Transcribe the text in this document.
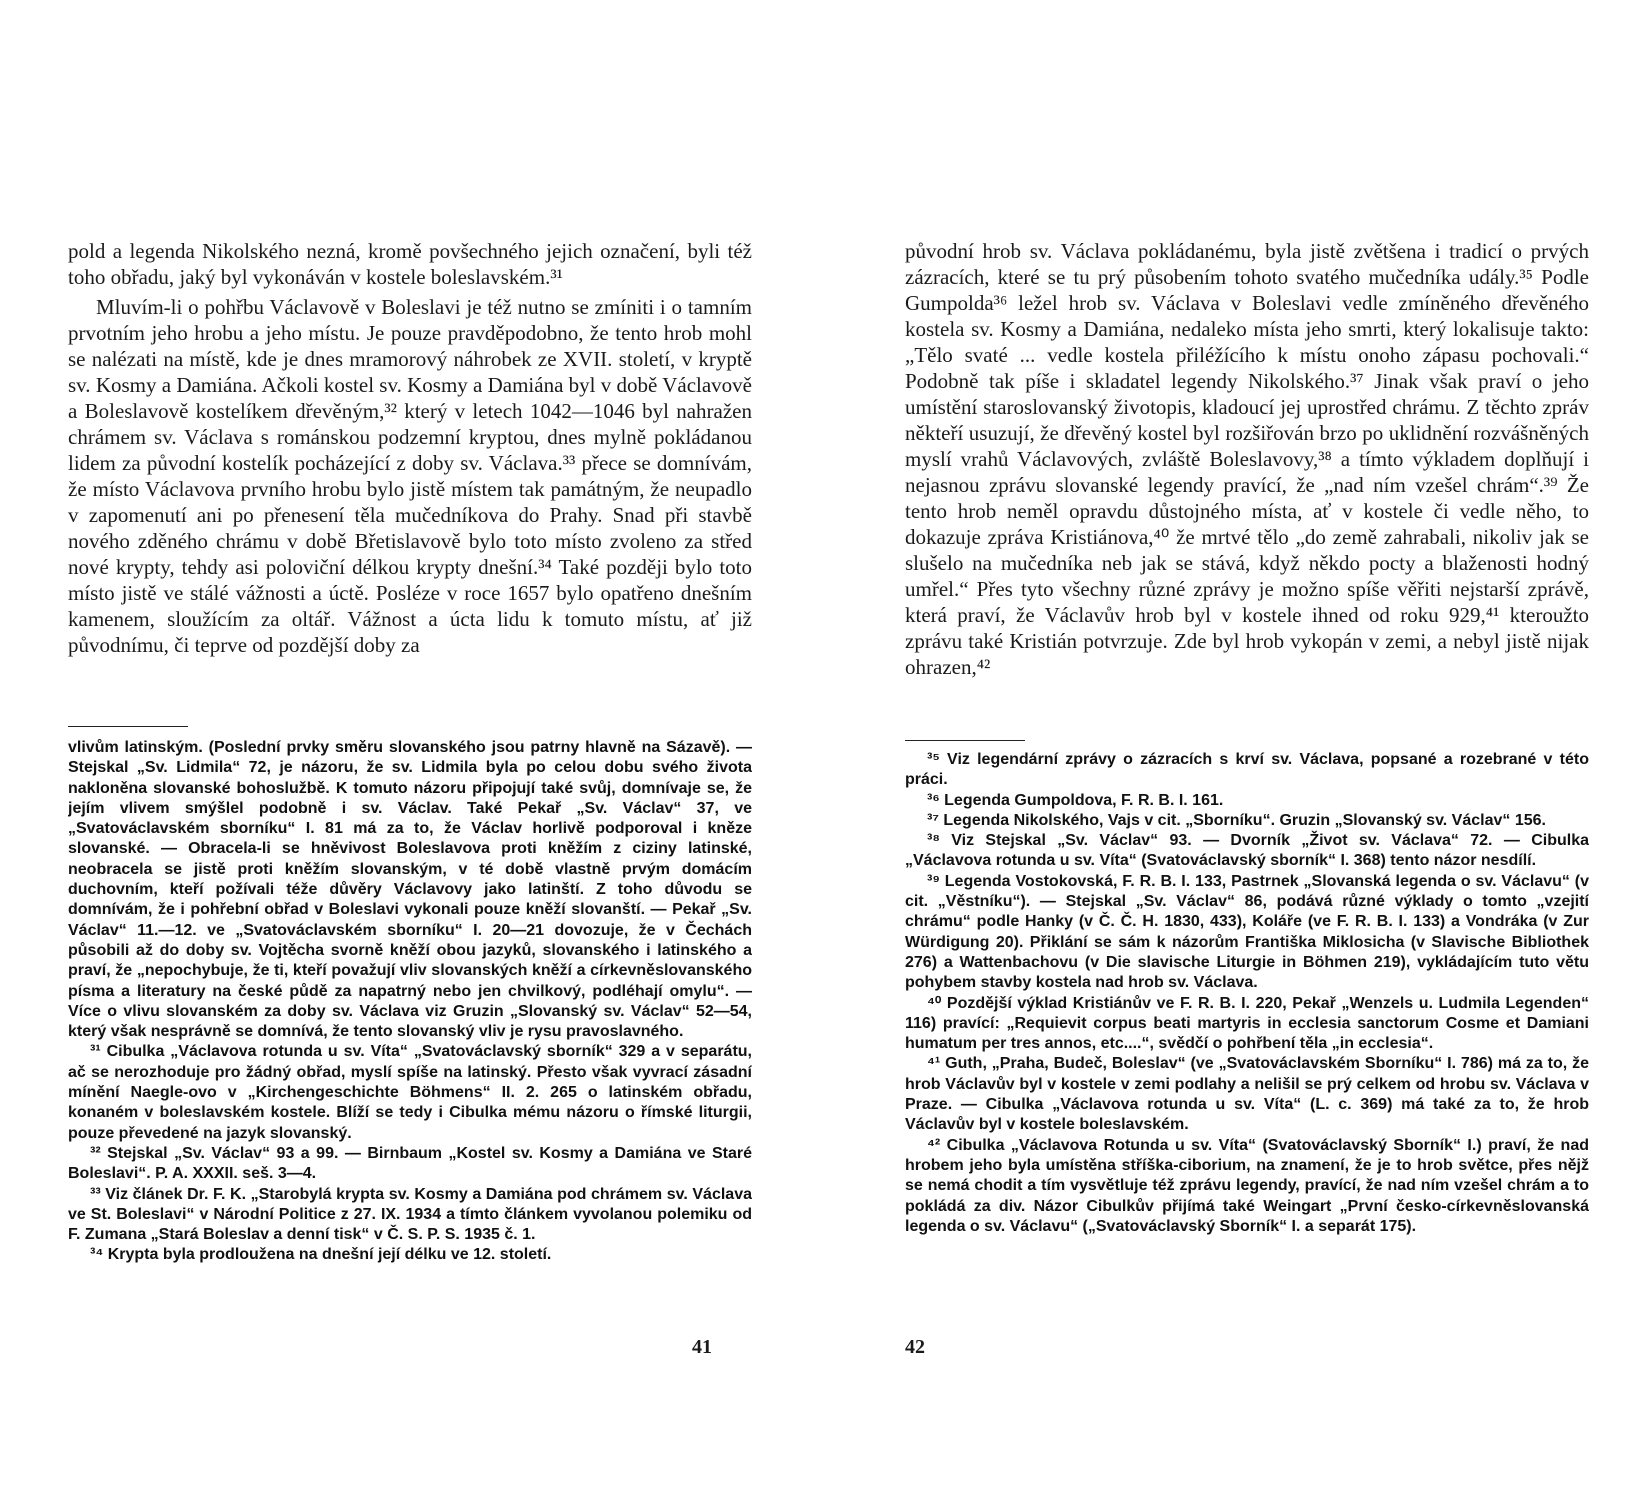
pold a legenda Nikolského nezná, kromě povšechného jejich označení, byli též toho obřadu, jaký byl vykonáván v kostele boleslavském.³¹

Mluvím-li o pohřbu Václavově v Boleslavi je též nutno se zmíniti i o tamním prvotním jeho hrobu a jeho místu. Je pouze pravděpodobno, že tento hrob mohl se nalézati na místě, kde je dnes mramorový náhrobek ze XVII. století, v kryptě sv. Kosmy a Damiána. Ačkoli kostel sv. Kosmy a Damiána byl v době Václavově a Boleslavově kostelíkem dřevěným,³² který v letech 1042—1046 byl nahražen chrámem sv. Václava s románskou podzemní kryptou, dnes mylně pokládanou lidem za původní kostelík pocházející z doby sv. Václava.³³ přece se domnívám, že místo Václavova prvního hrobu bylo jistě místem tak památným, že neupadlo v zapomenutí ani po přenesení těla mučedníkova do Prahy. Snad při stavbě nového zděného chrámu v době Břetislavově bylo toto místo zvoleno za střed nové krypty, tehdy asi poloviční délkou krypty dnešní.³⁴ Také později bylo toto místo jistě ve stálé vážnosti a úctě. Posléze v roce 1657 bylo opatřeno dnešním kamenem, sloužícím za oltář. Vážnost a úcta lidu k tomuto místu, ať již původnímu, či teprve od pozdější doby za

vlivům latinským. (Poslední prvky směru slovanského jsou patrny hlavně na Sázavě). — Stejskal „Sv. Lidmila“ 72, je názoru, že sv. Lidmila byla po celou dobu svého života nakloněna slovanské bohoslužbě. K tomuto názoru připojují také svůj, domnívaje se, že jejím vlivem smýšlel podobně i sv. Václav. Také Pekař „Sv. Václav“ 37, ve „Svatováclavském sborníku“ I. 81 má za to, že Václav horlivě podporoval i kněze slovanské. — Obracela-li se hněvivost Boleslavova proti kněžím z ciziny latinské, neobracela se jistě proti kněžím slovanským, v té době vlastně prvým domácím duchovním, kteří požívali téže důvěry Václavovy jako latinští. Z toho důvodu se domnívám, že i pohřební obřad v Boleslavi vykonali pouze kněží slovanští. — Pekař „Sv. Václav“ 11.—12. ve „Svatováclavském sborníku“ I. 20—21 dovozuje, že v Čechách působili až do doby sv. Vojtěcha svorně kněží obou jazyků, slovanského i latinského a praví, že „nepochybuje, že ti, kteří považují vliv slovanských kněží a církevněslovanského písma a literatury na české půdě za napatrný nebo jen chvilkový, podléhají omylu“. — Více o vlivu slovanském za doby sv. Václava viz Gruzin „Slovanský sv. Václav“ 52—54, který však nesprávně se domnívá, že tento slovanský vliv je rysu pravoslavného.

³¹ Cibulka „Václavova rotunda u sv. Víta“ „Svatováclavský sborník“ 329 a v separátu, ač se nerozhoduje pro žádný obřad, myslí spíše na latinský. Přesto však vyvrací zásadní mínění Naegle-ovo v „Kirchengeschichte Böhmens“ II. 2. 265 o latinském obřadu, konaném v boleslavském kostele. Blíží se tedy i Cibulka mému názoru o římské liturgii, pouze převedené na jazyk slovanský.

³² Stejskal „Sv. Václav“ 93 a 99. — Birnbaum „Kostel sv. Kosmy a Damiána ve Staré Boleslavi“. P. A. XXXII. seš. 3—4.

³³ Viz článek Dr. F. K. „Starobylá krypta sv. Kosmy a Damiána pod chrámem sv. Václava ve St. Boleslavi“ v Národní Politice z 27. IX. 1934 a tímto článkem vyvolanou polemiku od F. Zumana „Stará Boleslav a denní tisk“ v Č. S. P. S. 1935 č. 1.

³⁴ Krypta byla prodloužena na dnešní její délku ve 12. století.

41

původní hrob sv. Václava pokládanému, byla jistě zvětšena i tradicí o prvých zázracích, které se tu prý působením tohoto svatého mučedníka udály.³⁵ Podle Gumpolda³⁶ ležel hrob sv. Václava v Boleslavi vedle zmíněného dřevěného kostela sv. Kosmy a Damiána, nedaleko místa jeho smrti, který lokalisuje takto: „Tělo svaté ... vedle kostela přiléžícího k místu onoho zápasu pochovali.“ Podobně tak píše i skladatel legendy Nikolského.³⁷ Jinak však praví o jeho umístění staroslovanský životopis, kladoucí jej uprostřed chrámu. Z těchto zpráv někteří usuzují, že dřevěný kostel byl rozšiřován brzo po uklidnění rozvášněných myslí vrahů Václavových, zvláště Boleslavovy,³⁸ a tímto výkladem doplňují i nejasnou zprávu slovanské legendy pravící, že „nad ním vzešel chrám“.³⁹ Že tento hrob neměl opravdu důstojného místa, ať v kostele či vedle něho, to dokazuje zpráva Kristiánova,⁴⁰ že mrtvé tělo „do země zahrabali, nikoliv jak se slušelo na mučedníka neb jak se stává, když někdo pocty a blaženosti hodný umřel.“ Přes tyto všechny různé zprávy je možno spíše věřiti nejstarší zprávě, která praví, že Václavův hrob byl v kostele ihned od roku 929,⁴¹ kteroužto zprávu také Kristián potvrzuje. Zde byl hrob vykopán v zemi, a nebyl jistě nijak ohrazen,⁴²

³⁵ Viz legendární zprávy o zázracích s krví sv. Václava, popsané a rozebrané v této práci.

³⁶ Legenda Gumpoldova, F. R. B. I. 161.

³⁷ Legenda Nikolského, Vajs v cit. „Sborníku“. Gruzin „Slovanský sv. Václav“ 156.

³⁸ Viz Stejskal „Sv. Václav“ 93. — Dvorník „Život sv. Václava“ 72. — Cibulka „Václavova rotunda u sv. Víta“ (Svatováclavský sborník“ I. 368) tento názor nesdílí.

³⁹ Legenda Vostokovská, F. R. B. I. 133, Pastrnek „Slovanská legenda o sv. Václavu“ (v cit. „Věstníku“). — Stejskal „Sv. Václav“ 86, podává různé výklady o tomto „vzejití chrámu“ podle Hanky (v Č. Č. H. 1830, 433), Koláře (ve F. R. B. I. 133) a Vondráka (v Zur Würdigung 20). Přiklání se sám k názorům Františka Miklosicha (v Slavische Bibliothek 276) a Wattenbachovu (v Die slavische Liturgie in Böhmen 219), vykládajícím tuto větu pohybem stavby kostela nad hrob sv. Václava.

⁴⁰ Pozdější výklad Kristiánův ve F. R. B. I. 220, Pekař „Wenzels u. Ludmila Legenden“ 116) pravící: „Requievit corpus beati martyris in ecclesia sanctorum Cosme et Damiani humatum per tres annos, etc....“, svědčí o pohřbení těla „in ecclesia“.

⁴¹ Guth, „Praha, Budeč, Boleslav“ (ve „Svatováclavském Sborníku“ I. 786) má za to, že hrob Václavův byl v kostele v zemi podlahy a nelišil se prý celkem od hrobu sv. Václava v Praze. — Cibulka „Václavova rotunda u sv. Víta“ (L. c. 369) má také za to, že hrob Václavův byl v kostele boleslavském.

⁴² Cibulka „Václavova Rotunda u sv. Víta“ (Svatováclavský Sborník“ I.) praví, že nad hrobem jeho byla umístěna stříška-ciborium, na znamení, že je to hrob světce, přes nějž se nemá chodit a tím vysvětluje též zprávu legendy, pravící, že nad ním vzešel chrám a to pokládá za div. Názor Cibulkův přijímá také Weingart „První česko-církevněslovanská legenda o sv. Václavu“ („Svatováclavský Sborník“ I. a separát 175).

42
